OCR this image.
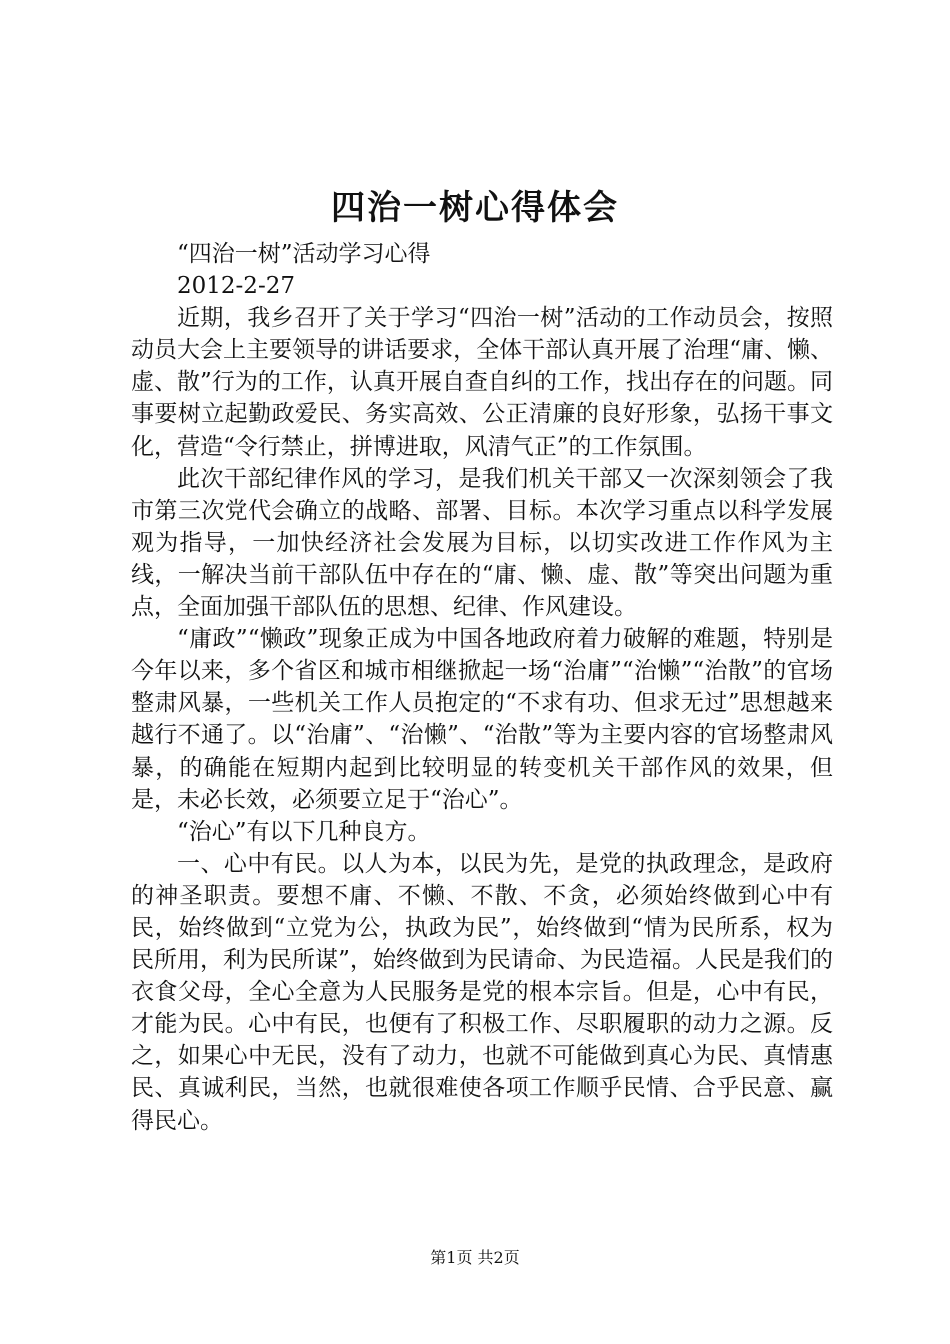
四治一树心得体会

“四治一树”活动学习心得

2012-2-27

近期，我乡召开了关于学习“四治一树”活动的工作动员会，按照动员大会上主要领导的讲话要求，全体干部认真开展了治理“庸、懒、虚、散”行为的工作，认真开展自查自纠的工作，找出存在的问题。同事要树立起勤政爱民、务实高效、公正清廉的良好形象，弘扬干事文化，营造“令行禁止，拼博进取，风清气正”的工作氛围。

此次干部纪律作风的学习，是我们机关干部又一次深刻领会了我市第三次党代会确立的战略、部署、目标。本次学习重点以科学发展观为指导，一加快经济社会发展为目标，以切实改进工作作风为主线，一解决当前干部队伍中存在的“庸、懒、虚、散”等突出问题为重点，全面加强干部队伍的思想、纪律、作风建设。

“庸政”“懒政”现象正成为中国各地政府着力破解的难题，特别是今年以来，多个省区和城市相继掀起一场“治庸”“治懒”“治散”的官场整肃风暴，一些机关工作人员抱定的“不求有功、但求无过”思想越来越行不通了。以“治庸”、“治懒”、“治散”等为主要内容的官场整肃风暴，的确能在短期内起到比较明显的转变机关干部作风的效果，但是，未必长效，必须要立足于“治心”。

“治心”有以下几种良方。

一、心中有民。以人为本，以民为先，是党的执政理念，是政府的神圣职责。要想不庸、不懒、不散、不贪，必须始终做到心中有民，始终做到“立党为公，执政为民”，始终做到“情为民所系，权为民所用，利为民所谋”，始终做到为民请命、为民造福。人民是我们的衣食父母，全心全意为人民服务是党的根本宗旨。但是，心中有民，才能为民。心中有民，也便有了积极工作、尽职履职的动力之源。反之，如果心中无民，没有了动力，也就不可能做到真心为民、真情惠民、真诚利民，当然，也就很难使各项工作顺乎民情、合乎民意、赢得民心。

第1页 共2页
